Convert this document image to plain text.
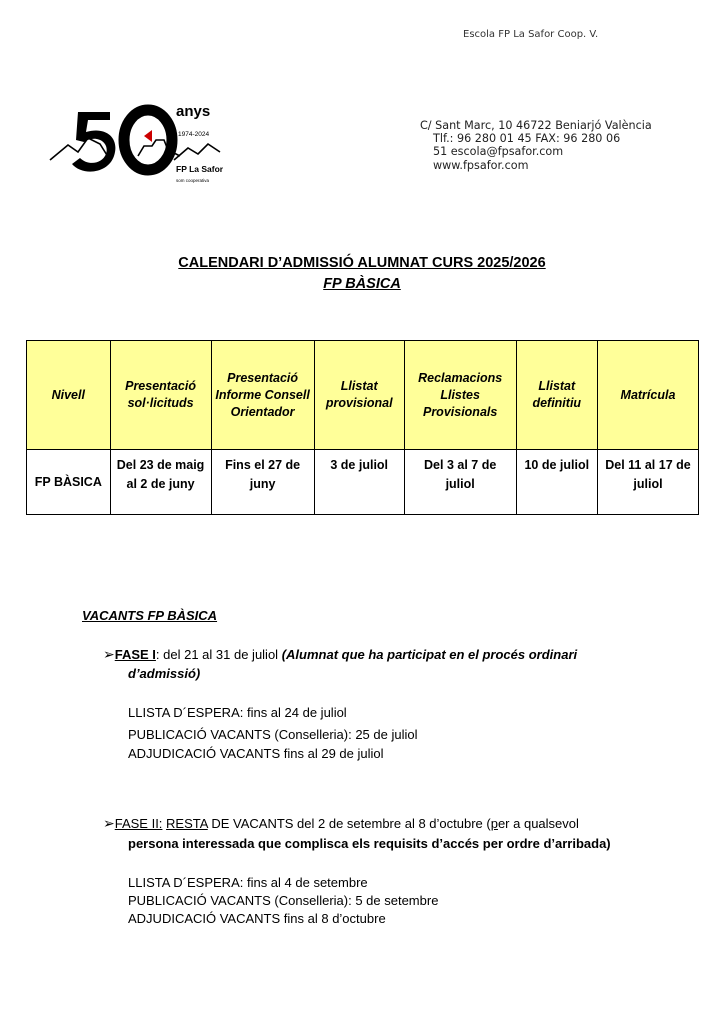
Escola FP La Safor Coop. V.
anys
1974-2024
FP La Safor
som cooperativa
C/ Sant Marc, 10 46722 Beniarjó València
Tlf.: 96 280 01 45 FAX: 96 280 06
51 escola@fpsafor.com
www.fpsafor.com
CALENDARI D’ADMISSIÓ ALUMNAT CURS 2025/2026
FP BÀSICA
Nivell	Presentació sol·licituds	Presentació Informe Consell Orientador	Llistat provisional	Reclamacions Llistes Provisionals	Llistat definitiu	Matrícula
FP BÀSICA	Del 23 de maig al 2 de juny	Fins el 27 de juny	3 de juliol	Del 3 al 7 de juliol	10 de juliol	Del 11 al 17 de juliol
VACANTS FP BÀSICA
➢FASE I: del 21 al 31 de juliol (Alumnat que ha participat en el procés ordinari
d’admissió)
LLISTA D´ESPERA: fins al 24 de juliol
PUBLICACIÓ VACANTS (Conselleria): 25 de juliol
ADJUDICACIÓ VACANTS fins al 29 de juliol
➢FASE II: RESTA DE VACANTS del 2 de setembre al 8 d’octubre (per a qualsevol
persona interessada que complisca els requisits d’accés per ordre d’arribada)
LLISTA D´ESPERA: fins al 4 de setembre
PUBLICACIÓ VACANTS (Conselleria): 5 de setembre
ADJUDICACIÓ VACANTS fins al 8 d’octubre
